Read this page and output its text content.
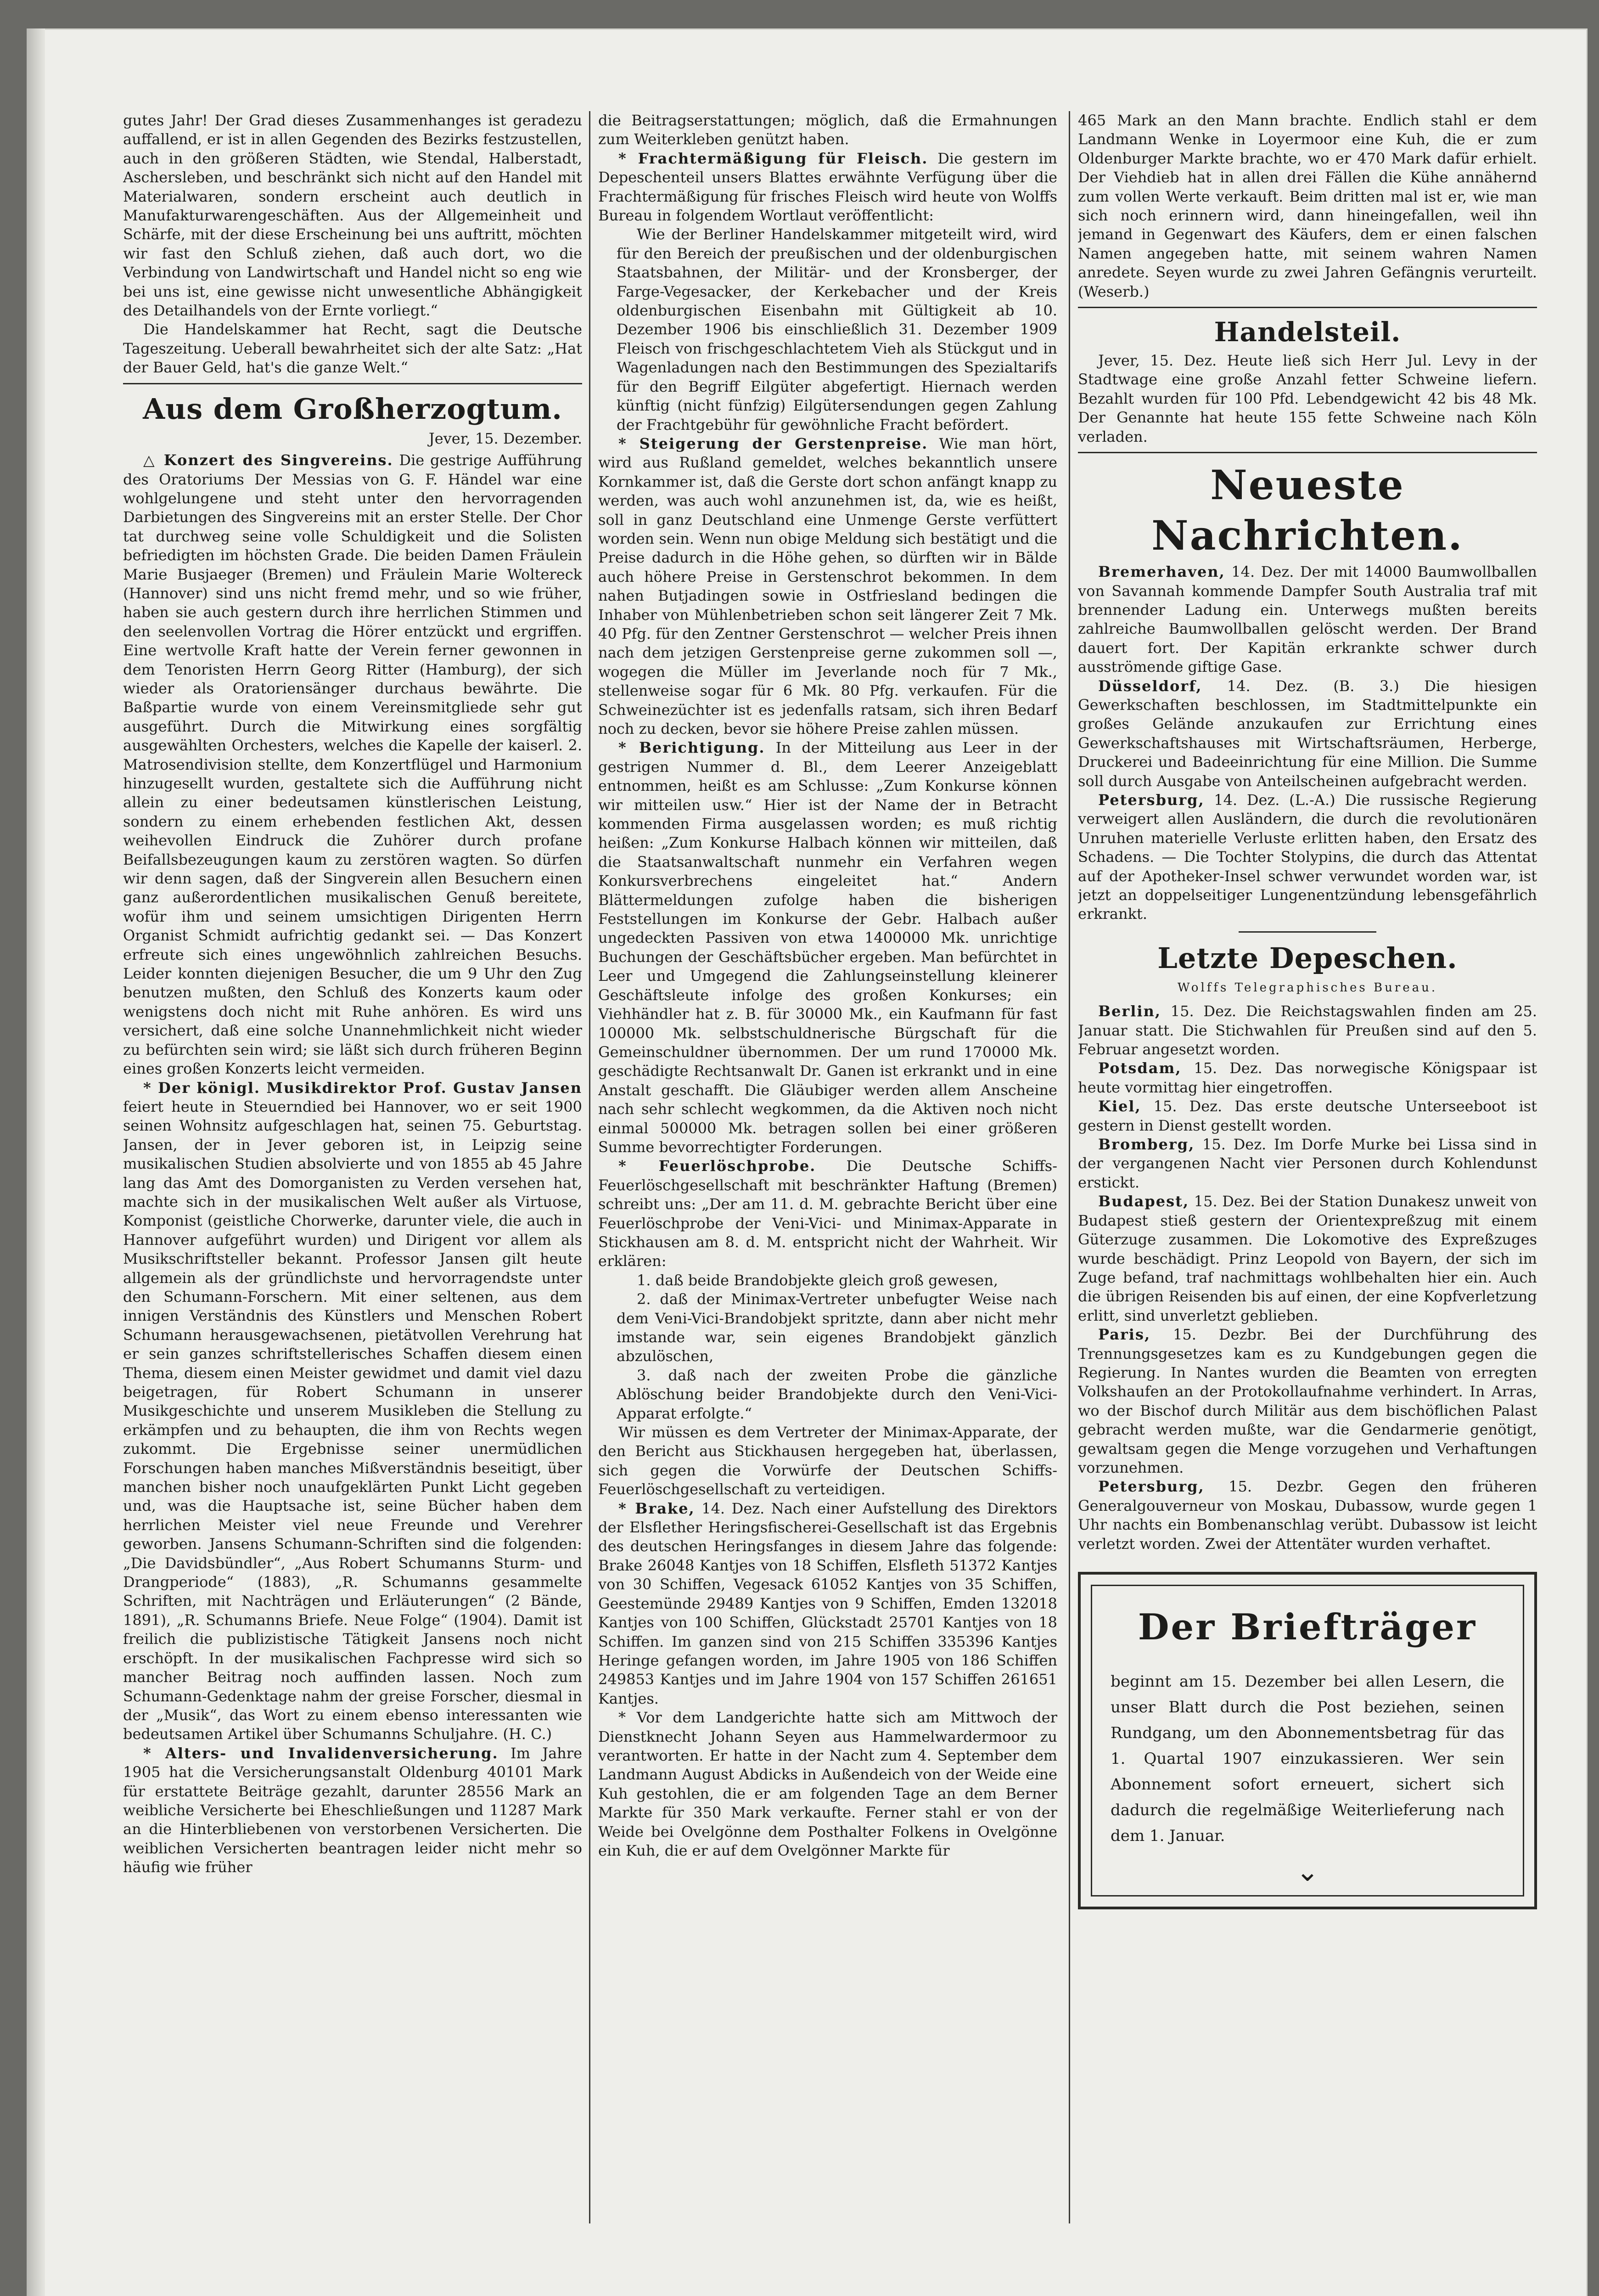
gutes Jahr! Der Grad dieses Zusammenhanges ist geradezu auffallend, er ist in allen Gegenden des Bezirks festzustellen, auch in den größeren Städten, wie Stendal, Halberstadt, Aschersleben, und beschränkt sich nicht auf den Handel mit Materialwaren, sondern erscheint auch deutlich in Manufakturwarengeschäften. Aus der Allgemeinheit und Schärfe, mit der diese Erscheinung bei uns auftritt, möchten wir fast den Schluß ziehen, daß auch dort, wo die Verbindung von Landwirtschaft und Handel nicht so eng wie bei uns ist, eine gewisse nicht unwesentliche Abhängigkeit des Detailhandels von der Ernte vorliegt.“

Die Handelskammer hat Recht, sagt die Deutsche Tageszeitung. Ueberall bewahrheitet sich der alte Satz: „Hat der Bauer Geld, hat's die ganze Welt.“

Aus dem Großherzogtum.
Jever, 15. Dezember.

△ Konzert des Singvereins. Die gestrige Aufführung des Oratoriums Der Messias von G. F. Händel war eine wohlgelungene und steht unter den hervorragenden Darbietungen des Singvereins mit an erster Stelle. Der Chor tat durchweg seine volle Schuldigkeit und die Solisten befriedigten im höchsten Grade. Die beiden Damen Fräulein Marie Busjaeger (Bremen) und Fräulein Marie Woltereck (Hannover) sind uns nicht fremd mehr, und so wie früher, haben sie auch gestern durch ihre herrlichen Stimmen und den seelenvollen Vortrag die Hörer entzückt und ergriffen. Eine wertvolle Kraft hatte der Verein ferner gewonnen in dem Tenoristen Herrn Georg Ritter (Hamburg), der sich wieder als Oratoriensänger durchaus bewährte. Die Baßpartie wurde von einem Vereinsmitgliede sehr gut ausgeführt. Durch die Mitwirkung eines sorgfältig ausgewählten Orchesters, welches die Kapelle der kaiserl. 2. Matrosendivision stellte, dem Konzertflügel und Harmonium hinzugesellt wurden, gestaltete sich die Aufführung nicht allein zu einer bedeutsamen künstlerischen Leistung, sondern zu einem erhebenden festlichen Akt, dessen weihevollen Eindruck die Zuhörer durch profane Beifallsbezeugungen kaum zu zerstören wagten. So dürfen wir denn sagen, daß der Singverein allen Besuchern einen ganz außerordentlichen musikalischen Genuß bereitete, wofür ihm und seinem umsichtigen Dirigenten Herrn Organist Schmidt aufrichtig gedankt sei. — Das Konzert erfreute sich eines ungewöhnlich zahlreichen Besuchs. Leider konnten diejenigen Besucher, die um 9 Uhr den Zug benutzen mußten, den Schluß des Konzerts kaum oder wenigstens doch nicht mit Ruhe anhören. Es wird uns versichert, daß eine solche Unannehmlichkeit nicht wieder zu befürchten sein wird; sie läßt sich durch früheren Beginn eines großen Konzerts leicht vermeiden.

* Der königl. Musikdirektor Prof. Gustav Jansen feiert heute in Steuerndied bei Hannover, wo er seit 1900 seinen Wohnsitz aufgeschlagen hat, seinen 75. Geburtstag. Jansen, der in Jever geboren ist, in Leipzig seine musikalischen Studien absolvierte und von 1855 ab 45 Jahre lang das Amt des Domorganisten zu Verden versehen hat, machte sich in der musikalischen Welt außer als Virtuose, Komponist (geistliche Chorwerke, darunter viele, die auch in Hannover aufgeführt wurden) und Dirigent vor allem als Musikschriftsteller bekannt. Professor Jansen gilt heute allgemein als der gründlichste und hervorragendste unter den Schumann-Forschern. Mit einer seltenen, aus dem innigen Verständnis des Künstlers und Menschen Robert Schumann herausgewachsenen, pietätvollen Verehrung hat er sein ganzes schriftstellerisches Schaffen diesem einen Thema, diesem einen Meister gewidmet und damit viel dazu beigetragen, für Robert Schumann in unserer Musikgeschichte und unserem Musikleben die Stellung zu erkämpfen und zu behaupten, die ihm von Rechts wegen zukommt. Die Ergebnisse seiner unermüdlichen Forschungen haben manches Mißverständnis beseitigt, über manchen bisher noch unaufgeklärten Punkt Licht gegeben und, was die Hauptsache ist, seine Bücher haben dem herrlichen Meister viel neue Freunde und Verehrer geworben. Jansens Schumann-Schriften sind die folgenden: „Die Davidsbündler“, „Aus Robert Schumanns Sturm- und Drangperiode“ (1883), „R. Schumanns gesammelte Schriften, mit Nachträgen und Erläuterungen“ (2 Bände, 1891), „R. Schumanns Briefe. Neue Folge“ (1904). Damit ist freilich die publizistische Tätigkeit Jansens noch nicht erschöpft. In der musikalischen Fachpresse wird sich so mancher Beitrag noch auffinden lassen. Noch zum Schumann-Gedenktage nahm der greise Forscher, diesmal in der „Musik“, das Wort zu einem ebenso interessanten wie bedeutsamen Artikel über Schumanns Schuljahre. (H. C.)

* Alters- und Invalidenversicherung. Im Jahre 1905 hat die Versicherungsanstalt Oldenburg 40101 Mark für erstattete Beiträge gezahlt, darunter 28556 Mark an weibliche Versicherte bei Eheschließungen und 11287 Mark an die Hinterbliebenen von verstorbenen Versicherten. Die weiblichen Versicherten beantragen leider nicht mehr so häufig wie früher

die Beitragserstattungen; möglich, daß die Ermahnungen zum Weiterkleben genützt haben.

* Frachtermäßigung für Fleisch. Die gestern im Depeschenteil unsers Blattes erwähnte Verfügung über die Frachtermäßigung für frisches Fleisch wird heute von Wolffs Bureau in folgendem Wortlaut veröffentlicht:

Wie der Berliner Handelskammer mitgeteilt wird, wird für den Bereich der preußischen und der oldenburgischen Staatsbahnen, der Militär- und der Kronsberger, der Farge-Vegesacker, der Kerkebacher und der Kreis oldenburgischen Eisenbahn mit Gültigkeit ab 10. Dezember 1906 bis einschließlich 31. Dezember 1909 Fleisch von frischgeschlachtetem Vieh als Stückgut und in Wagenladungen nach den Bestimmungen des Spezialtarifs für den Begriff Eilgüter abgefertigt. Hiernach werden künftig (nicht fünfzig) Eilgütersendungen gegen Zahlung der Frachtgebühr für gewöhnliche Fracht befördert.

* Steigerung der Gerstenpreise. Wie man hört, wird aus Rußland gemeldet, welches bekanntlich unsere Kornkammer ist, daß die Gerste dort schon anfängt knapp zu werden, was auch wohl anzunehmen ist, da, wie es heißt, soll in ganz Deutschland eine Unmenge Gerste verfüttert worden sein. Wenn nun obige Meldung sich bestätigt und die Preise dadurch in die Höhe gehen, so dürften wir in Bälde auch höhere Preise in Gerstenschrot bekommen. In dem nahen Butjadingen sowie in Ostfriesland bedingen die Inhaber von Mühlenbetrieben schon seit längerer Zeit 7 Mk. 40 Pfg. für den Zentner Gerstenschrot — welcher Preis ihnen nach dem jetzigen Gerstenpreise gerne zukommen soll —, wogegen die Müller im Jeverlande noch für 7 Mk., stellenweise sogar für 6 Mk. 80 Pfg. verkaufen. Für die Schweinezüchter ist es jedenfalls ratsam, sich ihren Bedarf noch zu decken, bevor sie höhere Preise zahlen müssen.

* Berichtigung. In der Mitteilung aus Leer in der gestrigen Nummer d. Bl., dem Leerer Anzeigeblatt entnommen, heißt es am Schlusse: „Zum Konkurse können wir mitteilen usw.“ Hier ist der Name der in Betracht kommenden Firma ausgelassen worden; es muß richtig heißen: „Zum Konkurse Halbach können wir mitteilen, daß die Staatsanwaltschaft nunmehr ein Verfahren wegen Konkursverbrechens eingeleitet hat.“ Andern Blättermeldungen zufolge haben die bisherigen Feststellungen im Konkurse der Gebr. Halbach außer ungedeckten Passiven von etwa 1400000 Mk. unrichtige Buchungen der Geschäftsbücher ergeben. Man befürchtet in Leer und Umgegend die Zahlungseinstellung kleinerer Geschäftsleute infolge des großen Konkurses; ein Viehhändler hat z. B. für 30000 Mk., ein Kaufmann für fast 100000 Mk. selbstschuldnerische Bürgschaft für die Gemeinschuldner übernommen. Der um rund 170000 Mk. geschädigte Rechtsanwalt Dr. Ganen ist erkrankt und in eine Anstalt geschafft. Die Gläubiger werden allem Anscheine nach sehr schlecht wegkommen, da die Aktiven noch nicht einmal 500000 Mk. betragen sollen bei einer größeren Summe bevorrechtigter Forderungen.

* Feuerlöschprobe. Die Deutsche Schiffs-Feuerlöschgesellschaft mit beschränkter Haftung (Bremen) schreibt uns: „Der am 11. d. M. gebrachte Bericht über eine Feuerlöschprobe der Veni-Vici- und Minimax-Apparate in Stickhausen am 8. d. M. entspricht nicht der Wahrheit. Wir erklären:

1. daß beide Brandobjekte gleich groß gewesen,

2. daß der Minimax-Vertreter unbefugter Weise nach dem Veni-Vici-Brandobjekt spritzte, dann aber nicht mehr imstande war, sein eigenes Brandobjekt gänzlich abzulöschen,

3. daß nach der zweiten Probe die gänzliche Ablöschung beider Brandobjekte durch den Veni-Vici-Apparat erfolgte.“

Wir müssen es dem Vertreter der Minimax-Apparate, der den Bericht aus Stickhausen hergegeben hat, überlassen, sich gegen die Vorwürfe der Deutschen Schiffs-Feuerlöschgesellschaft zu verteidigen.

* Brake, 14. Dez. Nach einer Aufstellung des Direktors der Elsflether Heringsfischerei-Gesellschaft ist das Ergebnis des deutschen Heringsfanges in diesem Jahre das folgende: Brake 26048 Kantjes von 18 Schiffen, Elsfleth 51372 Kantjes von 30 Schiffen, Vegesack 61052 Kantjes von 35 Schiffen, Geestemünde 29489 Kantjes von 9 Schiffen, Emden 132018 Kantjes von 100 Schiffen, Glückstadt 25701 Kantjes von 18 Schiffen. Im ganzen sind von 215 Schiffen 335396 Kantjes Heringe gefangen worden, im Jahre 1905 von 186 Schiffen 249853 Kantjes und im Jahre 1904 von 157 Schiffen 261651 Kantjes.

* Vor dem Landgerichte hatte sich am Mittwoch der Dienstknecht Johann Seyen aus Hammelwardermoor zu verantworten. Er hatte in der Nacht zum 4. September dem Landmann August Abdicks in Außendeich von der Weide eine Kuh gestohlen, die er am folgenden Tage an dem Berner Markte für 350 Mark verkaufte. Ferner stahl er von der Weide bei Ovelgönne dem Posthalter Folkens in Ovelgönne ein Kuh, die er auf dem Ovelgönner Markte für

465 Mark an den Mann brachte. Endlich stahl er dem Landmann Wenke in Loyermoor eine Kuh, die er zum Oldenburger Markte brachte, wo er 470 Mark dafür erhielt. Der Viehdieb hat in allen drei Fällen die Kühe annähernd zum vollen Werte verkauft. Beim dritten mal ist er, wie man sich noch erinnern wird, dann hineingefallen, weil ihn jemand in Gegenwart des Käufers, dem er einen falschen Namen angegeben hatte, mit seinem wahren Namen anredete. Seyen wurde zu zwei Jahren Gefängnis verurteilt. (Weserb.)

Handelsteil.

Jever, 15. Dez. Heute ließ sich Herr Jul. Levy in der Stadtwage eine große Anzahl fetter Schweine liefern. Bezahlt wurden für 100 Pfd. Lebendgewicht 42 bis 48 Mk. Der Genannte hat heute 155 fette Schweine nach Köln verladen.

Neueste Nachrichten.

Bremerhaven, 14. Dez. Der mit 14000 Baumwollballen von Savannah kommende Dampfer South Australia traf mit brennender Ladung ein. Unterwegs mußten bereits zahlreiche Baumwollballen gelöscht werden. Der Brand dauert fort. Der Kapitän erkrankte schwer durch ausströmende giftige Gase.

Düsseldorf, 14. Dez. (B. 3.) Die hiesigen Gewerkschaften beschlossen, im Stadtmittelpunkte ein großes Gelände anzukaufen zur Errichtung eines Gewerkschaftshauses mit Wirtschaftsräumen, Herberge, Druckerei und Badeeinrichtung für eine Million. Die Summe soll durch Ausgabe von Anteilscheinen aufgebracht werden.

Petersburg, 14. Dez. (L.-A.) Die russische Regierung verweigert allen Ausländern, die durch die revolutionären Unruhen materielle Verluste erlitten haben, den Ersatz des Schadens. — Die Tochter Stolypins, die durch das Attentat auf der Apotheker-Insel schwer verwundet worden war, ist jetzt an doppelseitiger Lungenentzündung lebensgefährlich erkrankt.

Letzte Depeschen.
Wolffs Telegraphisches Bureau.

Berlin, 15. Dez. Die Reichstagswahlen finden am 25. Januar statt. Die Stichwahlen für Preußen sind auf den 5. Februar angesetzt worden.

Potsdam, 15. Dez. Das norwegische Königspaar ist heute vormittag hier eingetroffen.

Kiel, 15. Dez. Das erste deutsche Unterseeboot ist gestern in Dienst gestellt worden.

Bromberg, 15. Dez. Im Dorfe Murke bei Lissa sind in der vergangenen Nacht vier Personen durch Kohlendunst erstickt.

Budapest, 15. Dez. Bei der Station Dunakesz unweit von Budapest stieß gestern der Orientexpreßzug mit einem Güterzuge zusammen. Die Lokomotive des Expreßzuges wurde beschädigt. Prinz Leopold von Bayern, der sich im Zuge befand, traf nachmittags wohlbehalten hier ein. Auch die übrigen Reisenden bis auf einen, der eine Kopfverletzung erlitt, sind unverletzt geblieben.

Paris, 15. Dezbr. Bei der Durchführung des Trennungsgesetzes kam es zu Kundgebungen gegen die Regierung. In Nantes wurden die Beamten von erregten Volkshaufen an der Protokollaufnahme verhindert. In Arras, wo der Bischof durch Militär aus dem bischöflichen Palast gebracht werden mußte, war die Gendarmerie genötigt, gewaltsam gegen die Menge vorzugehen und Verhaftungen vorzunehmen.

Petersburg, 15. Dezbr. Gegen den früheren Generalgouverneur von Moskau, Dubassow, wurde gegen 1 Uhr nachts ein Bombenanschlag verübt. Dubassow ist leicht verletzt worden. Zwei der Attentäter wurden verhaftet.

Der Briefträger
beginnt am 15. Dezember bei allen Lesern, die unser Blatt durch die Post beziehen, seinen Rundgang, um den Abonnementsbetrag für das 1. Quartal 1907 einzukassieren. Wer sein Abonnement sofort erneuert, sichert sich dadurch die regelmäßige Weiterlieferung nach dem 1. Januar.
⌄
